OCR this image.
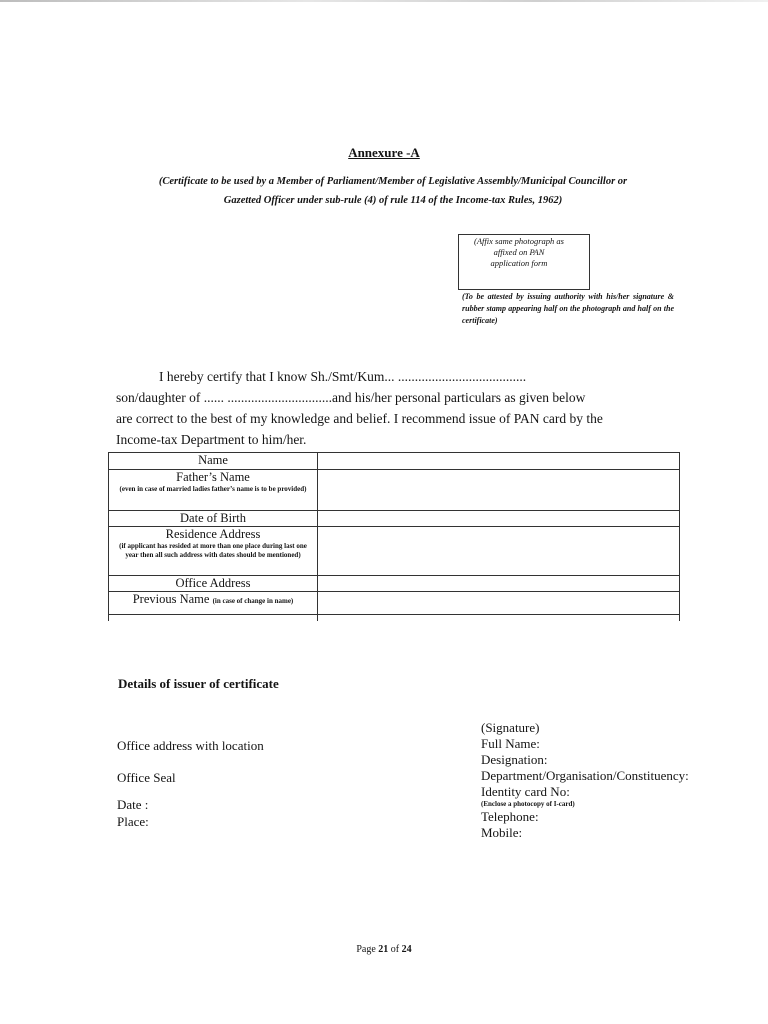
Annexure -A
(Certificate to be used by a Member of Parliament/Member of Legislative Assembly/Municipal Councillor or
Gazetted Officer under sub-rule (4) of rule 114 of the Income-tax Rules, 1962)
(Affix same photograph as
affixed on PAN
application form
(To be attested by issuing authority with his/her signature & rubber stamp appearing half on the photograph and half on the certificate)
I hereby certify that I know Sh./Smt/Kum... ......................................
son/daughter of ...... ...............................and his/her personal particulars as given below
are correct to the best of my knowledge and belief. I recommend issue of PAN card by the
Income-tax Department to him/her.
Name	

Father’s Name
(even in case of married ladies father’s name is to be provided)	

Date of Birth	

Residence Address
(if applicant has resided at more than one place during last one year then all such address with dates should be mentioned)	

Office Address	

Previous Name (in case of change in name)	

Details of issuer of certificate
Office address with location
Office Seal
Date :
Place:
(Signature)
Full Name:
Designation:
Department/Organisation/Constituency:
Identity card No:
(Enclose a photocopy of I-card)
Telephone:
Mobile:
Page 21 of 24
